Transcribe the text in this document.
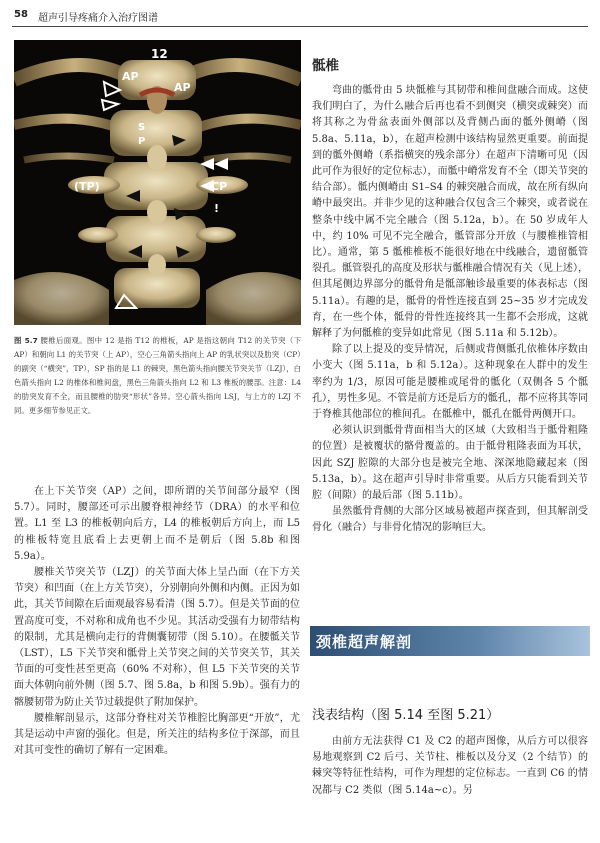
58 超声引导疼痛介入治疗图谱
12
AP
AP
S
P
(TP)	CP
!
图 5.7 腰椎后面观。图中 12 是指 T12 的椎板，AP 是指这朝向 T12 的关节突（下 AP）和朝向 L1 的关节突（上 AP），空心三角箭头指向上 AP 的乳状突以及肋突（CP）的副突（“横突”，TP），SP 指的是 L1 的棘突，黑色箭头指向腰关节突关节（LZJ），白色箭头指向 L2 的椎体和椎间盘，黑色三角箭头指向 L2 和 L3 椎板的腰部。注意：L4 的肋突发育不全，而且腰椎的肋突“形状”各异。空心箭头指向 LSJ，与上方的 LZJ 不同。更多细节参见正文。

在上下关节突（AP）之间，即所谓的关节间部分最窄（图 5.7）。同时，腰部还可示出腰脊根神经节（DRA）的水平和位置。L1 至 L3 的椎板朝向后方，L4 的椎板朝后方向上，而 L5 的椎板特宽且底看上去更朝上而不是朝后（图 5.8b 和图 5.9a）。

腰椎关节突关节（LZJ）的关节面大体上呈凸面（在下方关节突）和凹面（在上方关节突），分别朝向外侧和内侧。正因为如此，其关节间隙在后面观最容易看清（图 5.7）。但是关节面的位置高度可变，不对称和成角也不少见。其活动受强有力韧带结构的限制，尤其是横向走行的背侧囊韧带（图 5.10）。在腰骶关节（LST），L5 下关节突和骶骨上关节突之间的关节突关节，其关节面的可变性甚至更高（60% 不对称），但 L5 下关节突的关节面大体朝向前外侧（图 5.7、图 5.8a，b 和图 5.9b）。强有力的髂腰韧带为防止关节过载提供了附加保护。

腰椎解剖显示，这部分脊柱对关节椎腔比胸部更“开放”，尤其是运动中声窗的强化。但是，所关注的结构多位于深部，而且对其可变性的确切了解有一定困难。

骶椎

弯曲的骶骨由 5 块骶椎与其韧带和椎间盘融合而成。这使我们明白了，为什么融合后再也看不到侧突（横突或棘突）而将其称之为骨盆表面外侧部以及背侧凸面的骶外侧嵴（图 5.8a、5.11a，b），在超声检测中该结构显然更重要。前面提到的骶外侧嵴（系指横突的残余部分）在超声下清晰可见（因此可作为很好的定位标志），而骶中嵴常发育不全（即关节突的结合部）。骶内侧嵴由 S1–S4 的棘突融合而成，故在所有纵向嵴中最突出。并非少见的这种融合仅包含三个棘突，或者说在整条中线中属不完全融合（图 5.12a，b）。在 50 岁成年人中，约 10% 可见不完全融合，骶管部分开放（与腰椎椎管相比）。通常，第 5 骶椎椎板不能很好地在中线融合，遗留骶管裂孔。骶管裂孔的高度及形状与骶椎融合情况有关（见上述），但其尾侧边界部分的骶骨角是骶部触诊最重要的体表标志（图 5.11a）。有趣的是，骶骨的骨性连接直到 25~35 岁才完成发育，在一些个体，骶骨的骨性连接终其一生都不会形成，这就解释了为何骶椎的变异如此常见（图 5.11a 和 5.12b）。

除了以上提及的变异情况，后侧或背侧骶孔依椎体序数由小变大（图 5.11a，b 和 5.12a）。这种现象在人群中的发生率约为 1/3，原因可能是腰椎或尾骨的骶化（双侧各 5 个骶孔），男性多见。不管是前方还是后方的骶孔，都不应将其等同于脊椎其他部位的椎间孔。在骶椎中，骶孔在骶骨两侧开口。

必须认识到骶骨背面相当大的区域（大致相当于骶骨粗隆的位置）是被覆状的骼骨覆盖的。由于骶骨粗隆表面为耳状，因此 SZJ 腔隙的大部分也是被完全地、深深地隐藏起来（图 5.13a，b）。这在超声引导时非常重要。从后方只能看到关节腔（间隙）的最后部（图 5.11b）。

虽然骶骨背侧的大部分区域易被超声探查到，但其解剖受骨化（融合）与非骨化情况的影响巨大。

颈椎超声解剖
浅表结构（图 5.14 至图 5.21）

由前方无法获得 C1 及 C2 的超声图像，从后方可以很容易地观察到 C2 后弓、关节柱、椎板以及分叉（2 个结节）的棘突等特征性结构，可作为理想的定位标志。一直到 C6 的情况都与 C2 类似（图 5.14a~c）。另
